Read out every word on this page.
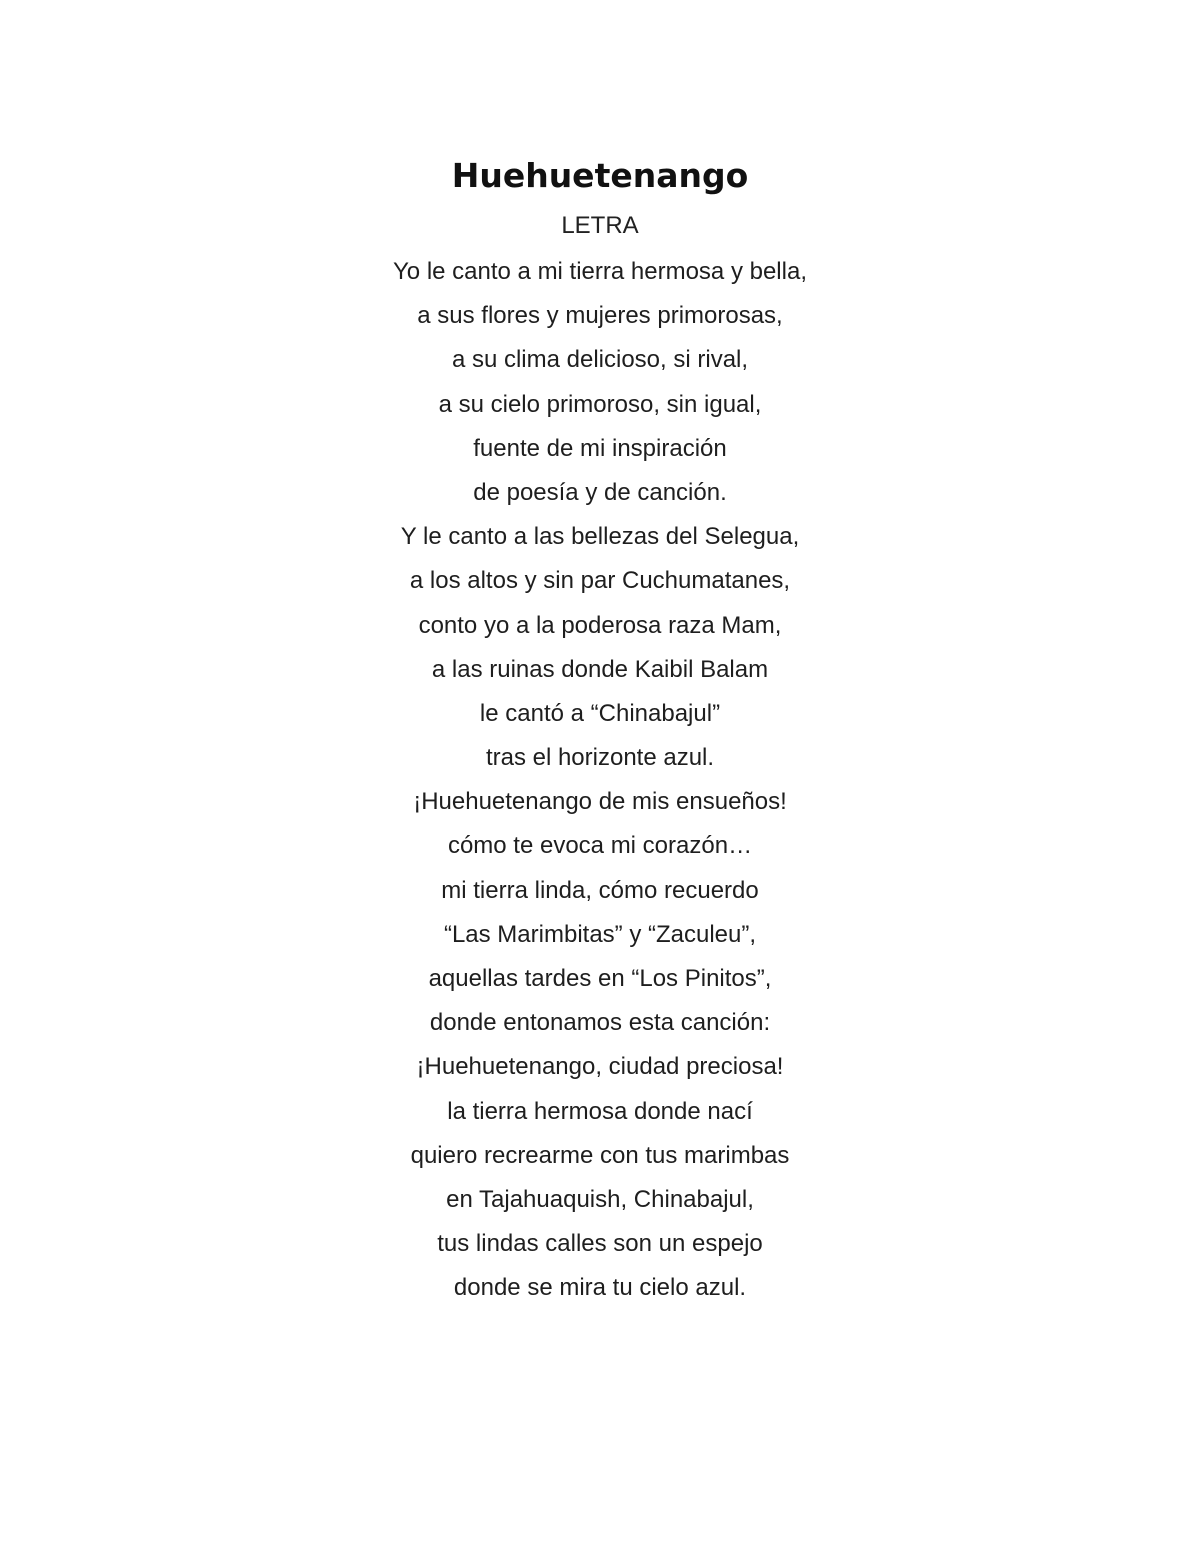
Huehuetenango

LETRA

Yo le canto a mi tierra hermosa y bella,
a sus flores y mujeres primorosas,
a su clima delicioso, si rival,
a su cielo primoroso, sin igual,
fuente de mi inspiración
de poesía y de canción.
Y le canto a las bellezas del Selegua,
a los altos y sin par Cuchumatanes,
conto yo a la poderosa raza Mam,
a las ruinas donde Kaibil Balam
le cantó a “Chinabajul”
tras el horizonte azul.
¡Huehuetenango de mis ensueños!
cómo te evoca mi corazón…
mi tierra linda, cómo recuerdo
“Las Marimbitas” y “Zaculeu”,
aquellas tardes en “Los Pinitos”,
donde entonamos esta canción:
¡Huehuetenango, ciudad preciosa!
la tierra hermosa donde nací
quiero recrearme con tus marimbas
en Tajahuaquish, Chinabajul,
tus lindas calles son un espejo
donde se mira tu cielo azul.
